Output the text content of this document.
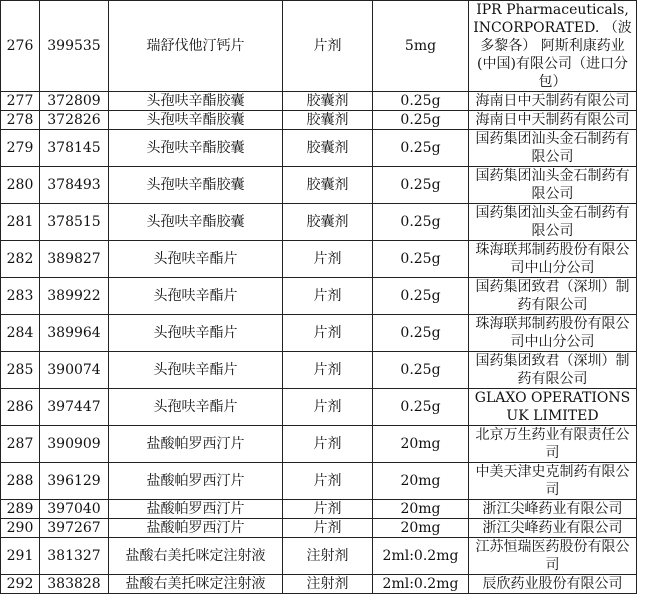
276	399535	瑞舒伐他汀钙片	片剂	5mg	IPR Pharmaceuticals, INCORPORATED. （波多黎各） 阿斯利康药业(中国)有限公司（进口分包）
277	372809	头孢呋辛酯胶囊	胶囊剂	0.25g	海南日中天制药有限公司
278	372826	头孢呋辛酯胶囊	胶囊剂	0.25g	海南日中天制药有限公司
279	378145	头孢呋辛酯胶囊	胶囊剂	0.25g	国药集团汕头金石制药有限公司
280	378493	头孢呋辛酯胶囊	胶囊剂	0.25g	国药集团汕头金石制药有限公司
281	378515	头孢呋辛酯胶囊	胶囊剂	0.25g	国药集团汕头金石制药有限公司
282	389827	头孢呋辛酯片	片剂	0.25g	珠海联邦制药股份有限公司中山分公司
283	389922	头孢呋辛酯片	片剂	0.25g	国药集团致君（深圳）制药有限公司
284	389964	头孢呋辛酯片	片剂	0.25g	珠海联邦制药股份有限公司中山分公司
285	390074	头孢呋辛酯片	片剂	0.25g	国药集团致君（深圳）制药有限公司
286	397447	头孢呋辛酯片	片剂	0.25g	GLAXO OPERATIONS UK LIMITED
287	390909	盐酸帕罗西汀片	片剂	20mg	北京万生药业有限责任公司
288	396129	盐酸帕罗西汀片	片剂	20mg	中美天津史克制药有限公司
289	397040	盐酸帕罗西汀片	片剂	20mg	浙江尖峰药业有限公司
290	397267	盐酸帕罗西汀片	片剂	20mg	浙江尖峰药业有限公司
291	381327	盐酸右美托咪定注射液	注射剂	2ml:0.2mg	江苏恒瑞医药股份有限公司
292	383828	盐酸右美托咪定注射液	注射剂	2ml:0.2mg	辰欣药业股份有限公司
